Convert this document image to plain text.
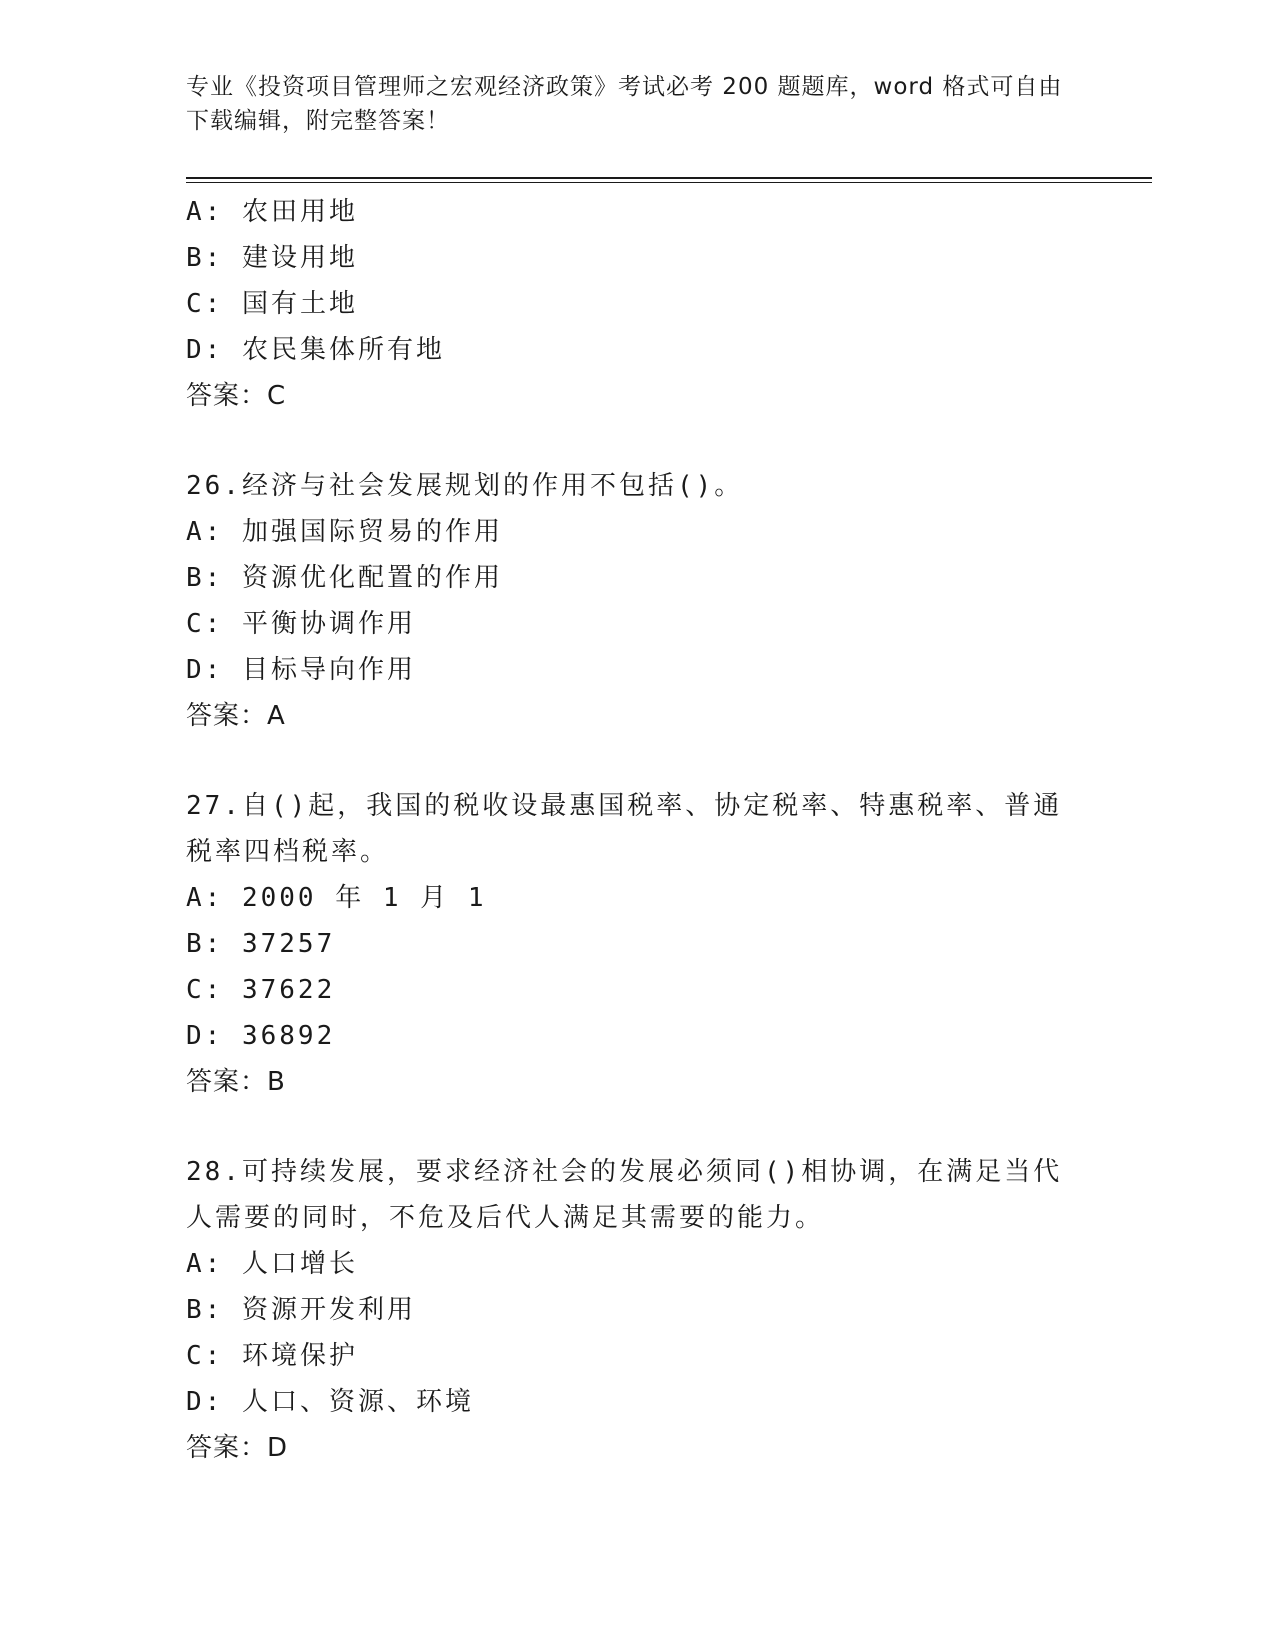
专业《投资项目管理师之宏观经济政策》考试必考 200 题题库，word 格式可自由下载编辑，附完整答案！
A: 农田用地
B: 建设用地
C: 国有土地
D: 农民集体所有地
答案：C
26.经济与社会发展规划的作用不包括()。
A: 加强国际贸易的作用
B: 资源优化配置的作用
C: 平衡协调作用
D: 目标导向作用
答案：A
27.自()起，我国的税收设最惠国税率、协定税率、特惠税率、普通税率四档税率。
A: 2000 年 1 月 1
B: 37257
C: 37622
D: 36892
答案：B
28.可持续发展，要求经济社会的发展必须同()相协调，在满足当代人需要的同时，不危及后代人满足其需要的能力。
A: 人口增长
B: 资源开发利用
C: 环境保护
D: 人口、资源、环境
答案：D
